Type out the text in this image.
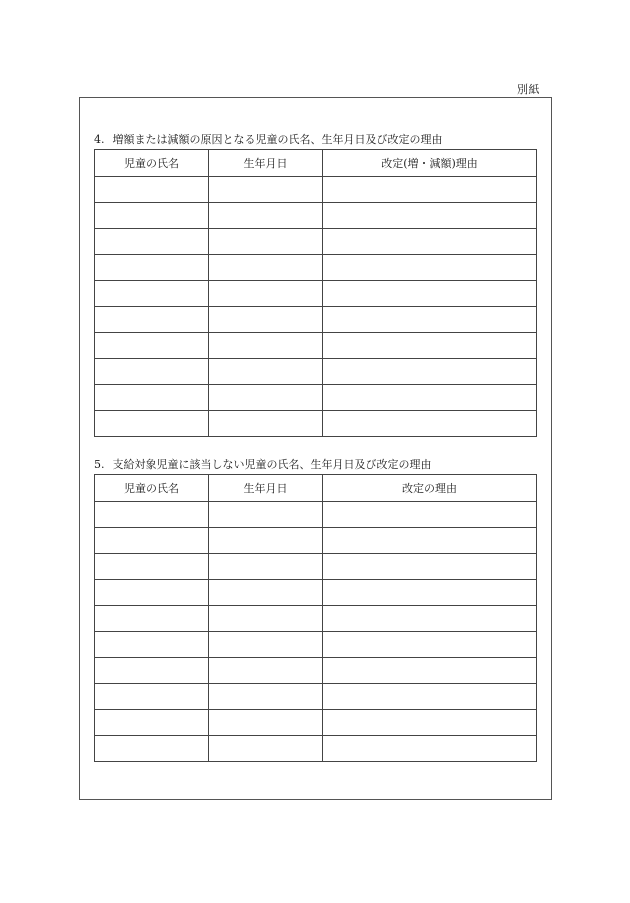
別紙
4. 増額または減額の原因となる児童の氏名、生年月日及び改定の理由
児童の氏名	生年月日	改定(増・減額)理由

5. 支給対象児童に該当しない児童の氏名、生年月日及び改定の理由
児童の氏名	生年月日	改定の理由
